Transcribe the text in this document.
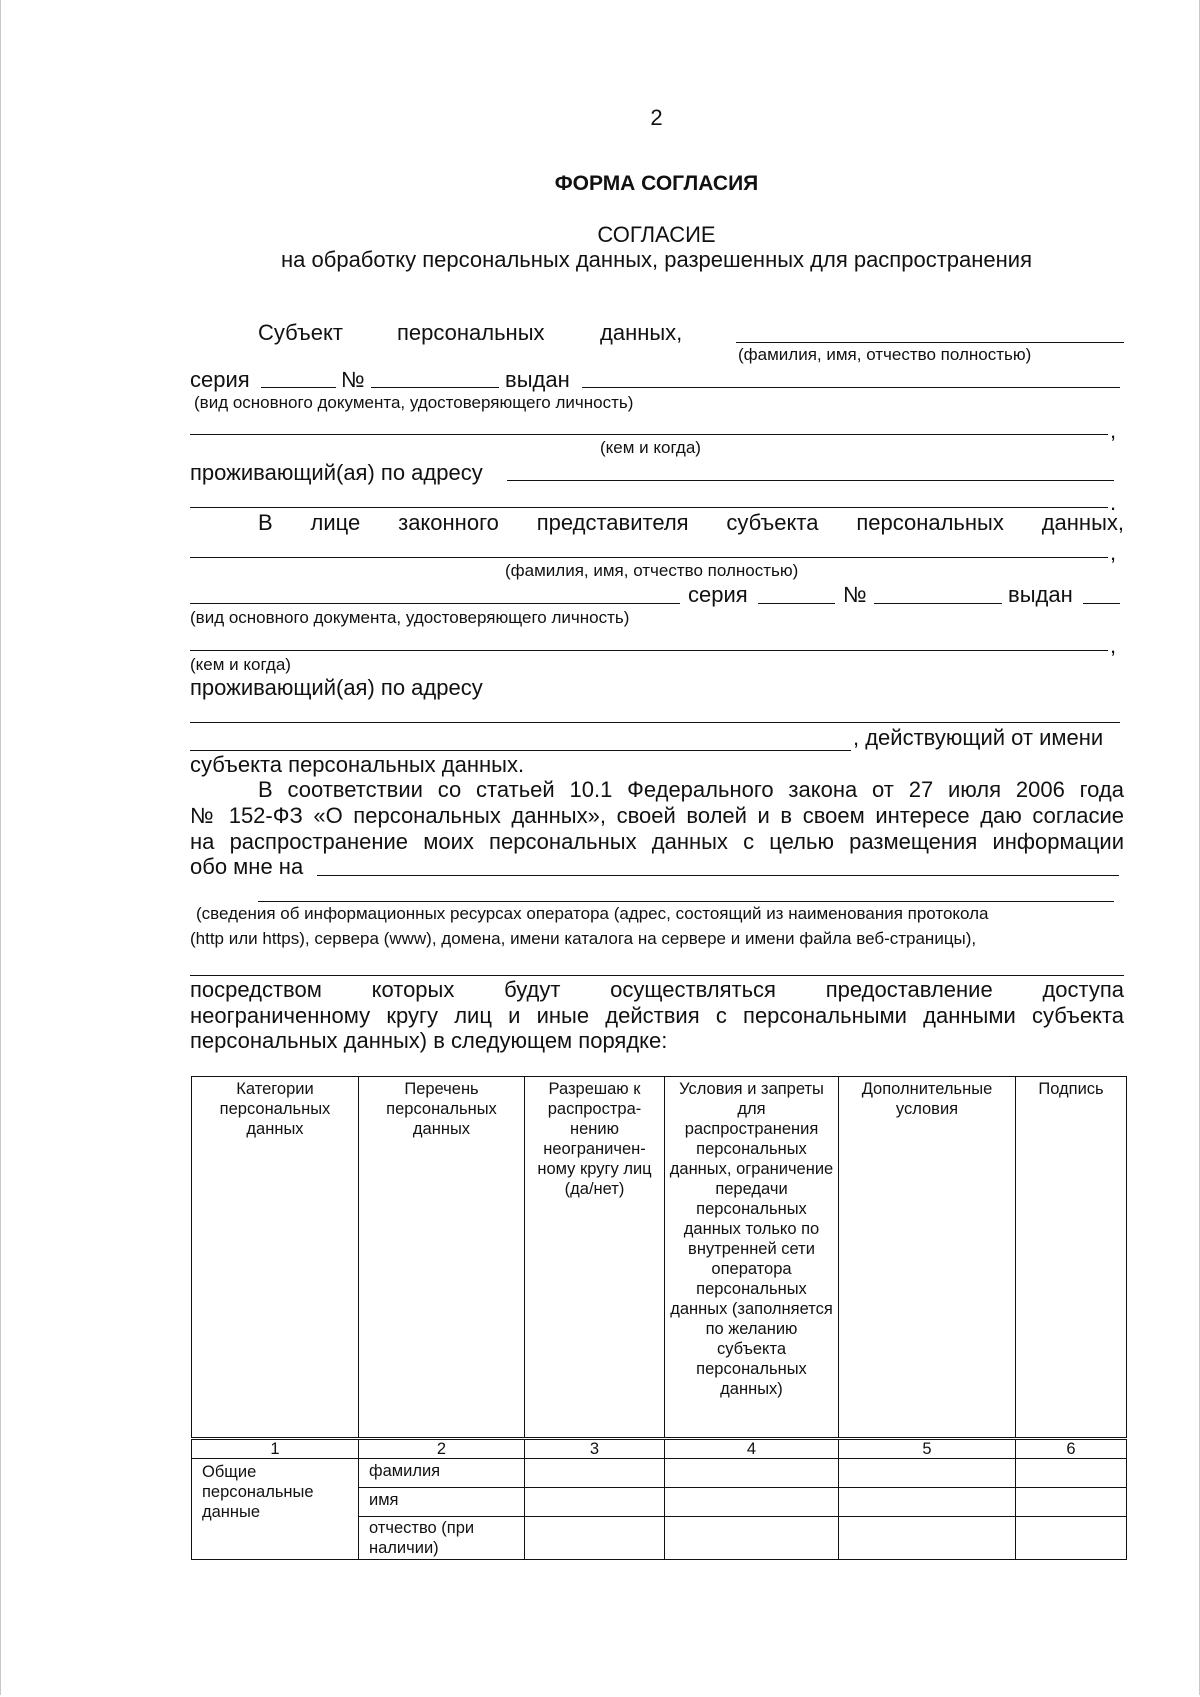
2
ФОРМА СОГЛАСИЯ
СОГЛАСИЕ
на обработку персональных данных, разрешенных для распространения
Субъект персональных	данных,
(фамилия, имя, отчество полностью)
серия	№	выдан
(вид основного документа, удостоверяющего личность)
,
(кем и когда)
проживающий(ая) по адресу
.
В лице законного представителя субъекта персональных данных,
,
(фамилия, имя, отчество полностью)
серия	№	выдан
(вид основного документа, удостоверяющего личность)
,
(кем и когда)
проживающий(ая) по адресу
, действующий от имени
субъекта персональных данных.
В соответствии со статьей 10.1 Федерального закона от 27 июля 2006 года
№ 152-ФЗ «О персональных данных», своей волей и в своем интересе даю согласие
на распространение моих персональных данных с целью размещения информации
обо мне на
(сведения об информационных ресурсах оператора (адрес, состоящий из наименования протокола
(http или https), сервера (www), домена, имени каталога на сервере и имени файла веб-страницы),
посредством которых будут осуществляться предоставление доступа
неограниченному кругу лиц и иные действия с персональными данными субъекта
персональных данных) в следующем порядке:
Категории персональных данных	Перечень персональных данных	Разрешаю к распростра- нению неограничен- ному кругу лиц (да/нет)	Условия и запреты для распространения персональных данных, ограничение передачи персональных данных только по внутренней сети оператора персональных данных (заполняется по желанию субъекта персональных данных)	Дополнительные условия	Подпись
1	2	3	4	5	6
Общие персональные данные	фамилия				
	имя				
	отчество (при наличии)				
